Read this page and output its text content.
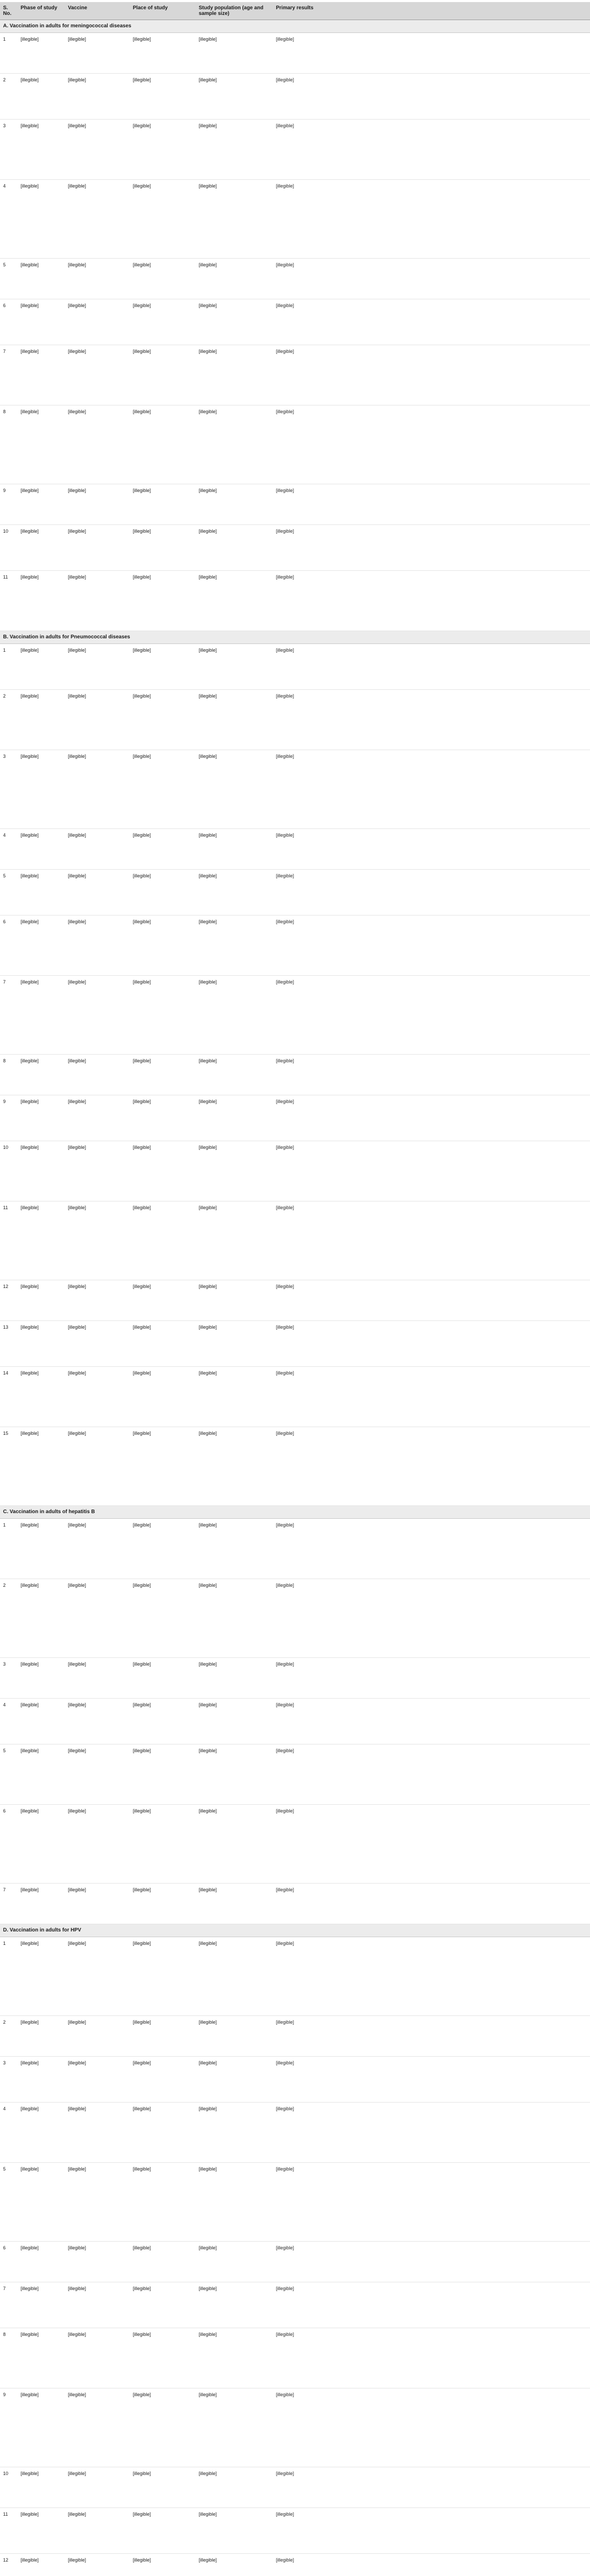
S. No.	Phase of study	Vaccine	Place of study	Study population (age and sample size)	Primary results
A. Vaccination in adults for meningococcal diseases					
1	[illegible]	[illegible]	[illegible]	[illegible]	[illegible]
2	[illegible]	[illegible]	[illegible]	[illegible]	[illegible]
3	[illegible]	[illegible]	[illegible]	[illegible]	[illegible]
4	[illegible]	[illegible]	[illegible]	[illegible]	[illegible]
5	[illegible]	[illegible]	[illegible]	[illegible]	[illegible]
6	[illegible]	[illegible]	[illegible]	[illegible]	[illegible]
7	[illegible]	[illegible]	[illegible]	[illegible]	[illegible]
8	[illegible]	[illegible]	[illegible]	[illegible]	[illegible]
9	[illegible]	[illegible]	[illegible]	[illegible]	[illegible]
10	[illegible]	[illegible]	[illegible]	[illegible]	[illegible]
11	[illegible]	[illegible]	[illegible]	[illegible]	[illegible]
B. Vaccination in adults for Pneumococcal diseases					
1	[illegible]	[illegible]	[illegible]	[illegible]	[illegible]
2	[illegible]	[illegible]	[illegible]	[illegible]	[illegible]
3	[illegible]	[illegible]	[illegible]	[illegible]	[illegible]
4	[illegible]	[illegible]	[illegible]	[illegible]	[illegible]
5	[illegible]	[illegible]	[illegible]	[illegible]	[illegible]
6	[illegible]	[illegible]	[illegible]	[illegible]	[illegible]
7	[illegible]	[illegible]	[illegible]	[illegible]	[illegible]
8	[illegible]	[illegible]	[illegible]	[illegible]	[illegible]
9	[illegible]	[illegible]	[illegible]	[illegible]	[illegible]
10	[illegible]	[illegible]	[illegible]	[illegible]	[illegible]
11	[illegible]	[illegible]	[illegible]	[illegible]	[illegible]
12	[illegible]	[illegible]	[illegible]	[illegible]	[illegible]
13	[illegible]	[illegible]	[illegible]	[illegible]	[illegible]
14	[illegible]	[illegible]	[illegible]	[illegible]	[illegible]
15	[illegible]	[illegible]	[illegible]	[illegible]	[illegible]
C. Vaccination in adults of hepatitis B					
1	[illegible]	[illegible]	[illegible]	[illegible]	[illegible]
2	[illegible]	[illegible]	[illegible]	[illegible]	[illegible]
3	[illegible]	[illegible]	[illegible]	[illegible]	[illegible]
4	[illegible]	[illegible]	[illegible]	[illegible]	[illegible]
5	[illegible]	[illegible]	[illegible]	[illegible]	[illegible]
6	[illegible]	[illegible]	[illegible]	[illegible]	[illegible]
7	[illegible]	[illegible]	[illegible]	[illegible]	[illegible]
D. Vaccination in adults for HPV					
1	[illegible]	[illegible]	[illegible]	[illegible]	[illegible]
2	[illegible]	[illegible]	[illegible]	[illegible]	[illegible]
3	[illegible]	[illegible]	[illegible]	[illegible]	[illegible]
4	[illegible]	[illegible]	[illegible]	[illegible]	[illegible]
5	[illegible]	[illegible]	[illegible]	[illegible]	[illegible]
6	[illegible]	[illegible]	[illegible]	[illegible]	[illegible]
7	[illegible]	[illegible]	[illegible]	[illegible]	[illegible]
8	[illegible]	[illegible]	[illegible]	[illegible]	[illegible]
9	[illegible]	[illegible]	[illegible]	[illegible]	[illegible]
10	[illegible]	[illegible]	[illegible]	[illegible]	[illegible]
11	[illegible]	[illegible]	[illegible]	[illegible]	[illegible]
12	[illegible]	[illegible]	[illegible]	[illegible]	[illegible]
